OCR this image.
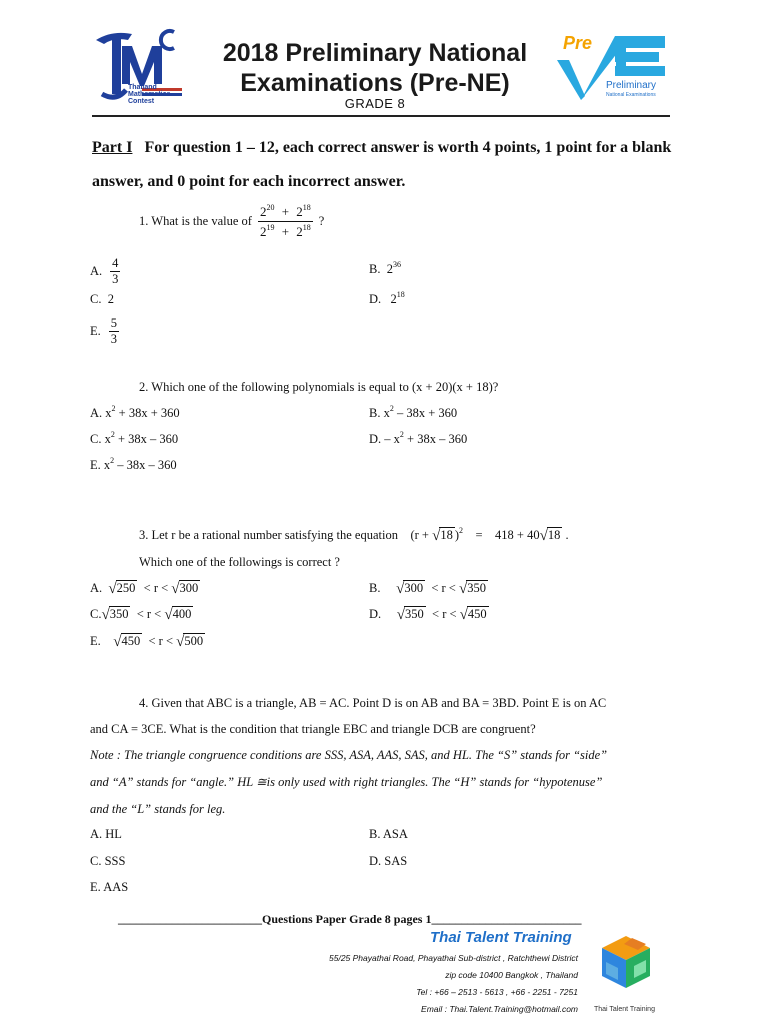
Thailand Mathematics Contest
2018 Preliminary National
Examinations (Pre-NE)
GRADE 8
Pre
Preliminary
National Examinations
Part I For question 1 – 12, each correct answer is worth 4 points, 1 point for a blank answer, and 0 point for each incorrect answer.
1. What is the value of $\frac{2^{20} + 2^{18}}{2^{19} + 2^{18}}$ ?
A. $\frac{4}{3}$	B. $2^{36}$
C. 2	D. $2^{18}$
E. $\frac{5}{3}$
2. Which one of the following polynomials is equal to (x + 20)(x + 18)?
A. $x^2 + 38x + 360$	B. $x^2 - 38x + 360$
C. $x^2 + 38x - 360$	D. – $x^2 + 38x - 360$
E. $x^2 - 38x - 360$
3. Let r be a rational number satisfying the equation (r + √18 )$^2$ = 418 + 40√18 .
Which one of the followings is correct ?
A. √250 < r < √300	B. √300 < r < √350
C.√350 < r < √400	D. √350 < r < √450
E. √450 < r < √500
4. Given that ABC is a triangle, AB = AC. Point D is on AB and BA = 3BD. Point E is on AC
and CA = 3CE. What is the condition that triangle EBC and triangle DCB are congruent?
Note : The triangle congruence conditions are SSS, ASA, AAS, SAS, and HL. The “S” stands for “side”
and “A” stands for “angle.” HL ≅is only used with right triangles. The “H” stands for “hypotenuse”
and the “L” stands for leg.
A. HL	B. ASA
C. SSS	D. SAS
E. AAS
________________________Questions Paper Grade 8 pages 1_________________________
Thai Talent Training
55/25 Phayathai Road, Phayathai Sub-district , Ratchthewi District
zip code 10400 Bangkok , Thailand
Tel : +66 – 2513 - 5613 , +66 - 2251 - 7251
Email : Thai.Talent.Training@hotmail.com Thai Talent Training
